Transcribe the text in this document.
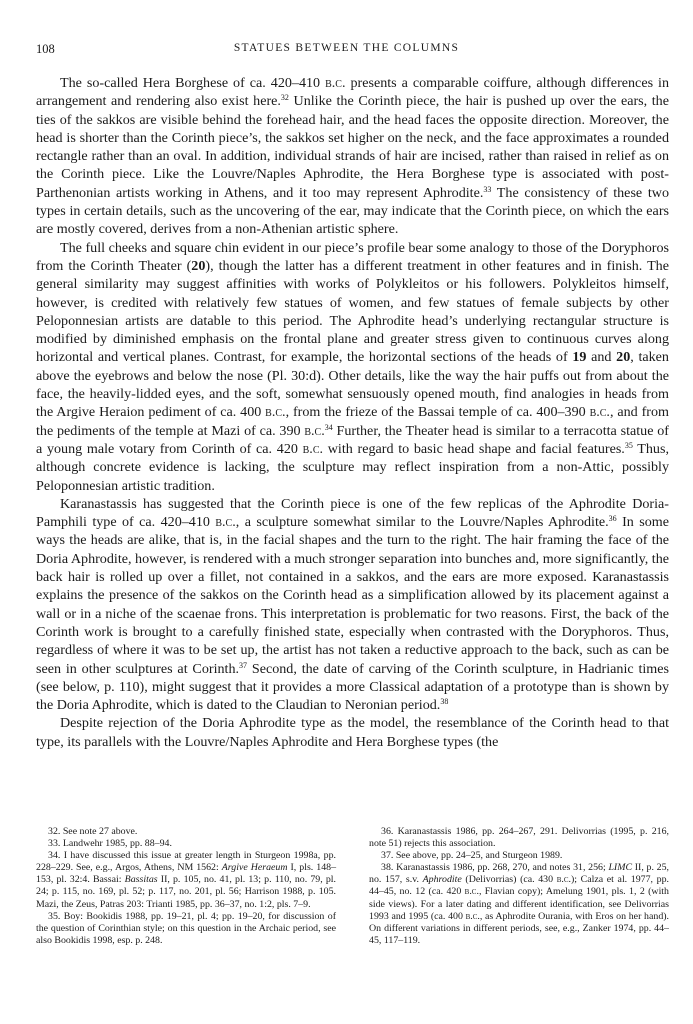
108	STATUES BETWEEN THE COLUMNS

The so-called Hera Borghese of ca. 420–410 b.c. presents a comparable coiffure, although differences in arrangement and rendering also exist here.$^{32}$ Unlike the Corinth piece, the hair is pushed up over the ears, the ties of the sakkos are visible behind the forehead hair, and the head faces the opposite direction. Moreover, the head is shorter than the Corinth piece’s, the sakkos set higher on the neck, and the face approximates a rounded rectangle rather than an oval. In addition, individual strands of hair are incised, rather than raised in relief as on the Corinth piece. Like the Louvre/Naples Aphrodite, the Hera Borghese type is associated with post-Parthenonian artists working in Athens, and it too may represent Aphrodite.$^{33}$ The consistency of these two types in certain details, such as the uncovering of the ear, may indicate that the Corinth piece, on which the ears are mostly covered, derives from a non-Athenian artistic sphere.

The full cheeks and square chin evident in our piece’s profile bear some analogy to those of the Doryphoros from the Corinth Theater (20), though the latter has a different treatment in other features and in finish. The general similarity may suggest affinities with works of Polykleitos or his followers. Polykleitos himself, however, is credited with relatively few statues of women, and few statues of female subjects by other Peloponnesian artists are datable to this period. The Aphrodite head’s underlying rectangular structure is modified by diminished emphasis on the frontal plane and greater stress given to continuous curves along horizontal and vertical planes. Contrast, for example, the horizontal sections of the heads of 19 and 20, taken above the eyebrows and below the nose (Pl. 30:d). Other details, like the way the hair puffs out from about the face, the heavily-lidded eyes, and the soft, somewhat sensuously opened mouth, find analogies in heads from the Argive Heraion pediment of ca. 400 b.c., from the frieze of the Bassai temple of ca. 400–390 b.c., and from the pediments of the temple at Mazi of ca. 390 b.c.$^{34}$ Further, the Theater head is similar to a terracotta statue of a young male votary from Corinth of ca. 420 b.c. with regard to basic head shape and facial features.$^{35}$ Thus, although concrete evidence is lacking, the sculpture may reflect inspiration from a non-Attic, possibly Peloponnesian artistic tradition.

Karanastassis has suggested that the Corinth piece is one of the few replicas of the Aphrodite Doria-Pamphili type of ca. 420–410 b.c., a sculpture somewhat similar to the Louvre/Naples Aphrodite.$^{36}$ In some ways the heads are alike, that is, in the facial shapes and the turn to the right. The hair framing the face of the Doria Aphrodite, however, is rendered with a much stronger separation into bunches and, more significantly, the back hair is rolled up over a fillet, not contained in a sakkos, and the ears are more exposed. Karanastassis explains the presence of the sakkos on the Corinth head as a simplification allowed by its placement against a wall or in a niche of the scaenae frons. This interpretation is problematic for two reasons. First, the back of the Corinth work is brought to a carefully finished state, especially when contrasted with the Doryphoros. Thus, regardless of where it was to be set up, the artist has not taken a reductive approach to the back, such as can be seen in other sculptures at Corinth.$^{37}$ Second, the date of carving of the Corinth sculpture, in Hadrianic times (see below, p. 110), might suggest that it provides a more Classical adaptation of a prototype than is shown by the Doria Aphrodite, which is dated to the Claudian to Neronian period.$^{38}$

Despite rejection of the Doria Aphrodite type as the model, the resemblance of the Corinth head to that type, its parallels with the Louvre/Naples Aphrodite and Hera Borghese types (the

32. See note 27 above.

33. Landwehr 1985, pp. 88–94.

34. I have discussed this issue at greater length in Sturgeon 1998a, pp. 228–229. See, e.g., Argos, Athens, NM 1562: Argive Heraeum I, pls. 148–153, pl. 32:4. Bassai: Bassitas II, p. 105, no. 41, pl. 13; p. 110, no. 79, pl. 24; p. 115, no. 169, pl. 52; p. 117, no. 201, pl. 56; Harrison 1988, p. 105. Mazi, the Zeus, Patras 203: Trianti 1985, pp. 36–37, no. 1:2, pls. 7–9.

35. Boy: Bookidis 1988, pp. 19–21, pl. 4; pp. 19–20, for discussion of the question of Corinthian style; on this question in the Archaic period, see also Bookidis 1998, esp. p. 248.

36. Karanastassis 1986, pp. 264–267, 291. Delivorrias (1995, p. 216, note 51) rejects this association.

37. See above, pp. 24–25, and Sturgeon 1989.

38. Karanastassis 1986, pp. 268, 270, and notes 31, 256; LIMC II, p. 25, no. 157, s.v. Aphrodite (Delivorrias) (ca. 430 b.c.); Calza et al. 1977, pp. 44–45, no. 12 (ca. 420 b.c., Flavian copy); Amelung 1901, pls. 1, 2 (with side views). For a later dating and different identification, see Delivorrias 1993 and 1995 (ca. 400 b.c., as Aphrodite Ourania, with Eros on her hand). On different variations in different periods, see, e.g., Zanker 1974, pp. 44–45, 117–119.
